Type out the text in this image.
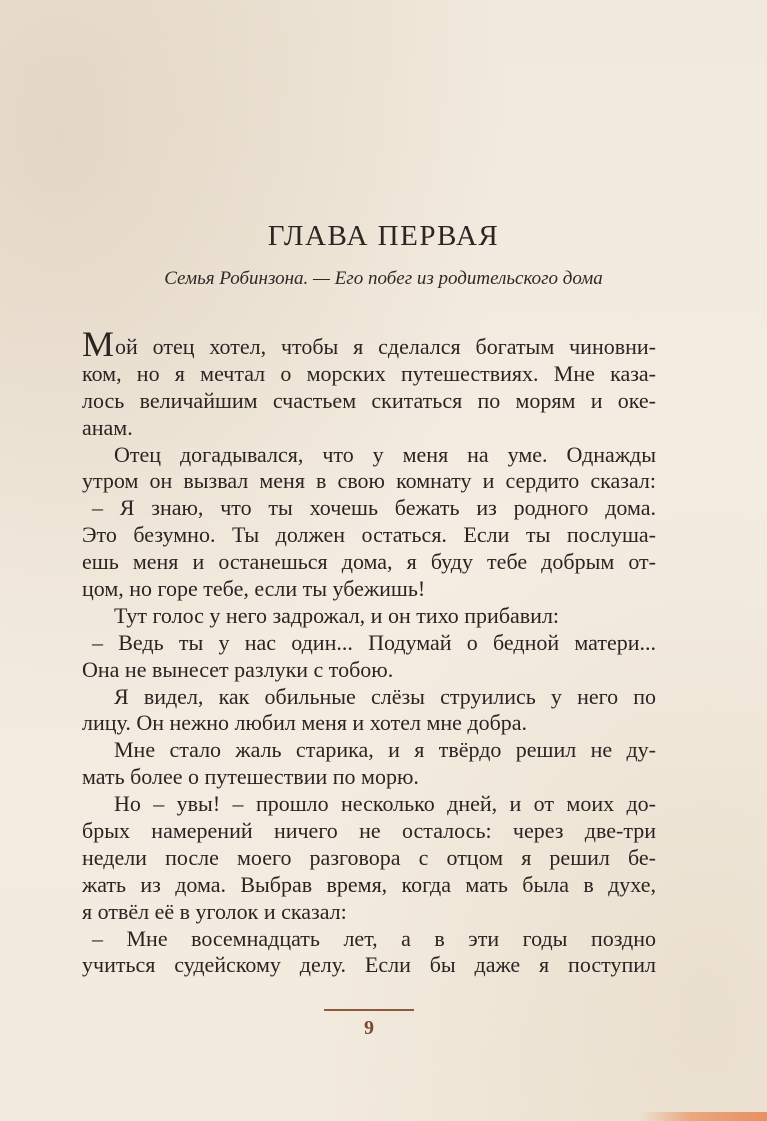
ГЛАВА ПЕРВАЯ

Семья Робинзона. — Его побег из родительского дома

Мой отец хотел, чтобы я сделался богатым чиновни-
ком, но я мечтал о морских путешествиях. Мне каза-
лось величайшим счастьем скитаться по морям и оке-
анам.
Отец догадывался, что у меня на уме. Однажды
утром он вызвал меня в свою комнату и сердито сказал:
– Я знаю, что ты хочешь бежать из родного дома.
Это безумно. Ты должен остаться. Если ты послуша-
ешь меня и останешься дома, я буду тебе добрым от-
цом, но горе тебе, если ты убежишь!
Тут голос у него задрожал, и он тихо прибавил:
– Ведь ты у нас один... Подумай о бедной матери...
Она не вынесет разлуки с тобою.
Я видел, как обильные слёзы струились у него по
лицу. Он нежно любил меня и хотел мне добра.
Мне стало жаль старика, и я твёрдо решил не ду-
мать более о путешествии по морю.
Но – увы! – прошло несколько дней, и от моих до-
брых намерений ничего не осталось: через две-три
недели после моего разговора с отцом я решил бе-
жать из дома. Выбрав время, когда мать была в духе,
я отвёл её в уголок и сказал:
– Мне восемнадцать лет, а в эти годы поздно
учиться судейскому делу. Если бы даже я поступил
9
